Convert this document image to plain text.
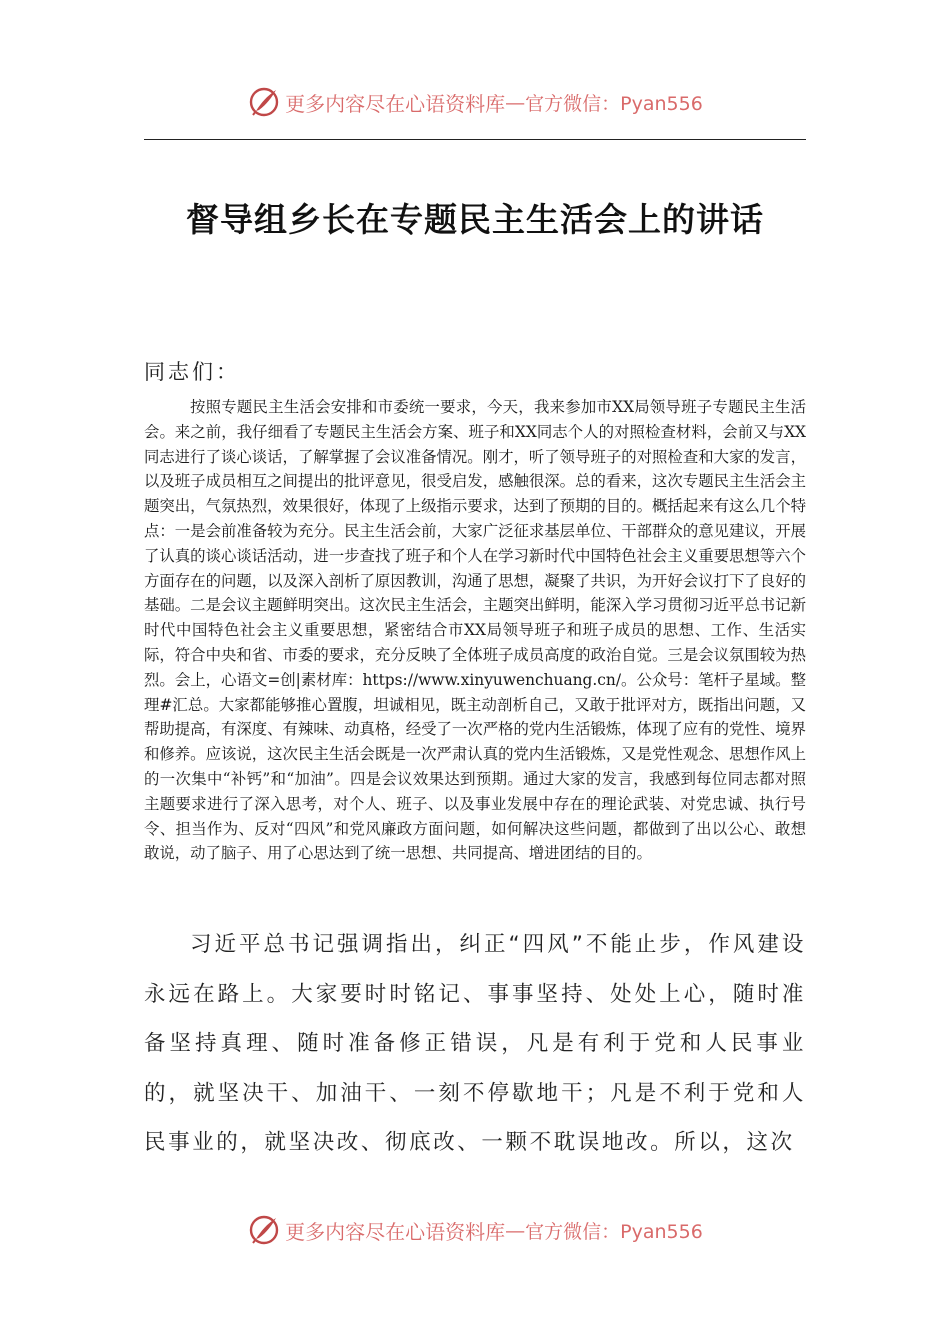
更多内容尽在心语资料库 — 官方微信：Pyan556
督导组乡长在专题民主生活会上的讲话
同志们：

按照专题民主生活会安排和市委统一要求，今天，我来参加市XX局领导班子专题民主生活会。来之前，我仔细看了专题民主生活会方案、班子和XX同志个人的对照检查材料，会前又与XX同志进行了谈心谈话，了解掌握了会议准备情况。刚才，听了领导班子的对照检查和大家的发言，以及班子成员相互之间提出的批评意见，很受启发，感触很深。总的看来，这次专题民主生活会主题突出，气氛热烈，效果很好，体现了上级指示要求，达到了预期的目的。概括起来有这么几个特点：一是会前准备较为充分。民主生活会前，大家广泛征求基层单位、干部群众的意见建议，开展了认真的谈心谈话活动，进一步查找了班子和个人在学习新时代中国特色社会主义重要思想等六个方面存在的问题，以及深入剖析了原因教训，沟通了思想，凝聚了共识，为开好会议打下了良好的基础。二是会议主题鲜明突出。这次民主生活会，主题突出鲜明，能深入学习贯彻习近平总书记新时代中国特色社会主义重要思想，紧密结合市XX局领导班子和班子成员的思想、工作、生活实际，符合中央和省、市委的要求，充分反映了全体班子成员高度的政治自觉。三是会议氛围较为热烈。会上，心语文=创|素材库：https://www.xinyuwenchuang.cn/。公众号：笔杆子星域。整理#汇总。大家都能够推心置腹，坦诚相见，既主动剖析自己，又敢于批评对方，既指出问题，又帮助提高，有深度、有辣味、动真格，经受了一次严格的党内生活锻炼，体现了应有的党性、境界和修养。应该说，这次民主生活会既是一次严肃认真的党内生活锻炼，又是党性观念、思想作风上的一次集中“补钙”和“加油”。四是会议效果达到预期。通过大家的发言，我感到每位同志都对照主题要求进行了深入思考，对个人、班子、以及事业发展中存在的理论武装、对党忠诚、执行号令、担当作为、反对“四风”和党风廉政方面问题，如何解决这些问题，都做到了出以公心、敢想敢说，动了脑子、用了心思达到了统一思想、共同提高、增进团结的目的。

习近平总书记强调指出，纠正“四风”不能止步，作风建设永远在路上。大家要时时铭记、事事坚持、处处上心，随时准备坚持真理、随时准备修正错误，凡是有利于党和人民事业的，就坚决干、加油干、一刻不停歇地干；凡是不利于党和人民事业的，就坚决改、彻底改、一颗不耽误地改。所以，这次

更多内容尽在心语资料库 — 官方微信：Pyan556
